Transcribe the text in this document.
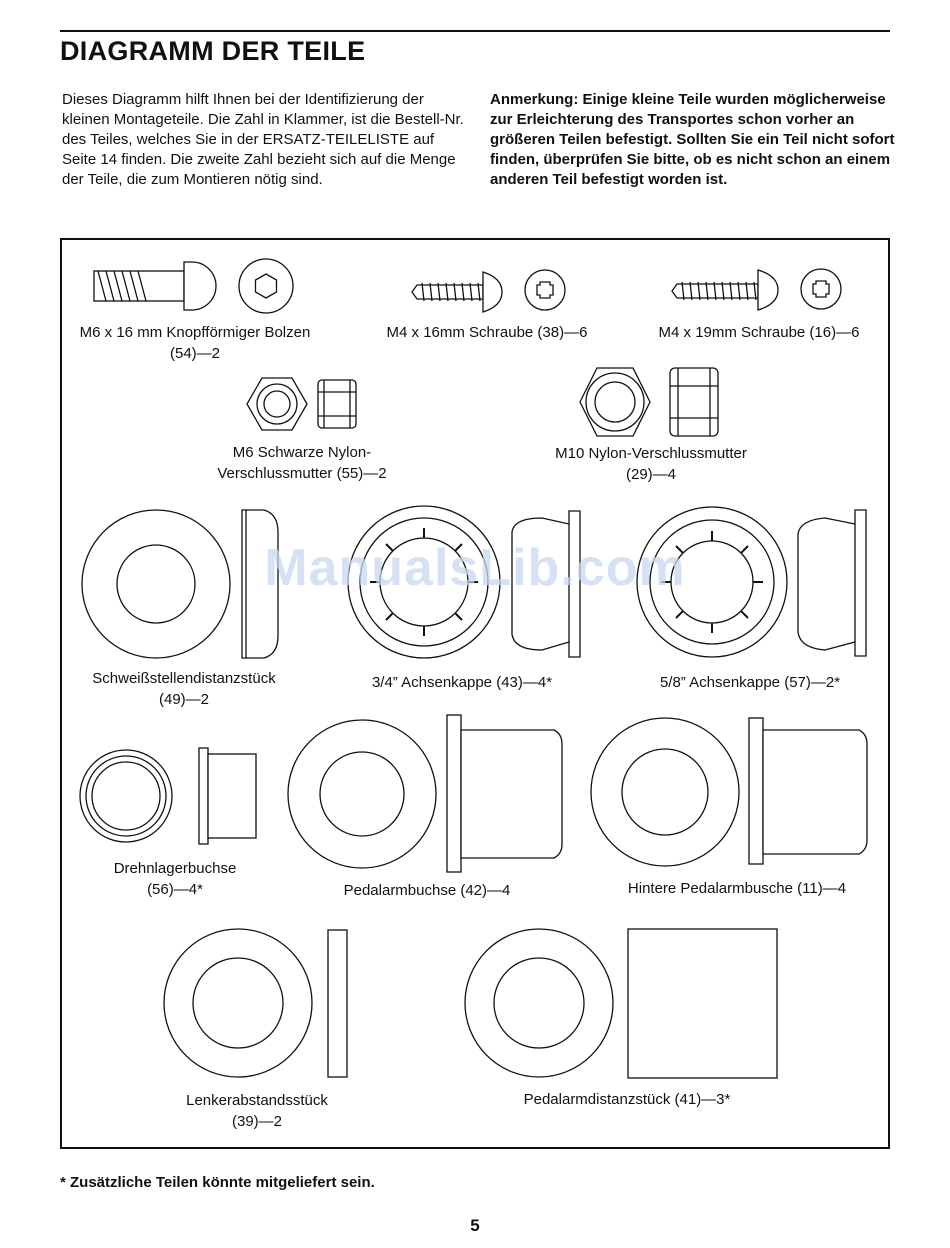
DIAGRAMM DER TEILE

Dieses Diagramm hilft Ihnen bei der Identifizierung der kleinen Montageteile. Die Zahl in Klammer, ist die Bestell-Nr. des Teiles, welches Sie in der ERSATZ-TEILELISTE auf Seite 14 finden. Die zweite Zahl bezieht sich auf die Menge der Teile, die zum Montieren nötig sind.

Anmerkung: Einige kleine Teile wurden möglicherweise zur Erleichterung des Transportes schon vorher an größeren Teilen befestigt. Sollten Sie ein Teil nicht sofort finden, überprüfen Sie bitte, ob es nicht schon an einem anderen Teil befestigt worden ist.

M6 x 16 mm Knopfförmiger Bolzen
(54)—2
M4 x 16mm Schraube (38)—6	M4 x 19mm Schraube (16)—6
M6 Schwarze Nylon-
Verschlussmutter (55)—2
M10 Nylon-Verschlussmutter
(29)—4
Schweißstellendistanzstück
(49)—2
3/4” Achsenkappe (43)—4*	5/8” Achsenkappe (57)—2*
Drehnlagerbuchse
(56)—4*	Pedalarmbuchse (42)—4	Hintere Pedalarmbusche (11)—4
Lenkerabstandsstück
(39)—2
Pedalarmdistanzstück (41)—3*
ManualsLib.com

* Zusätzliche Teilen könnte mitgeliefert sein.

5
